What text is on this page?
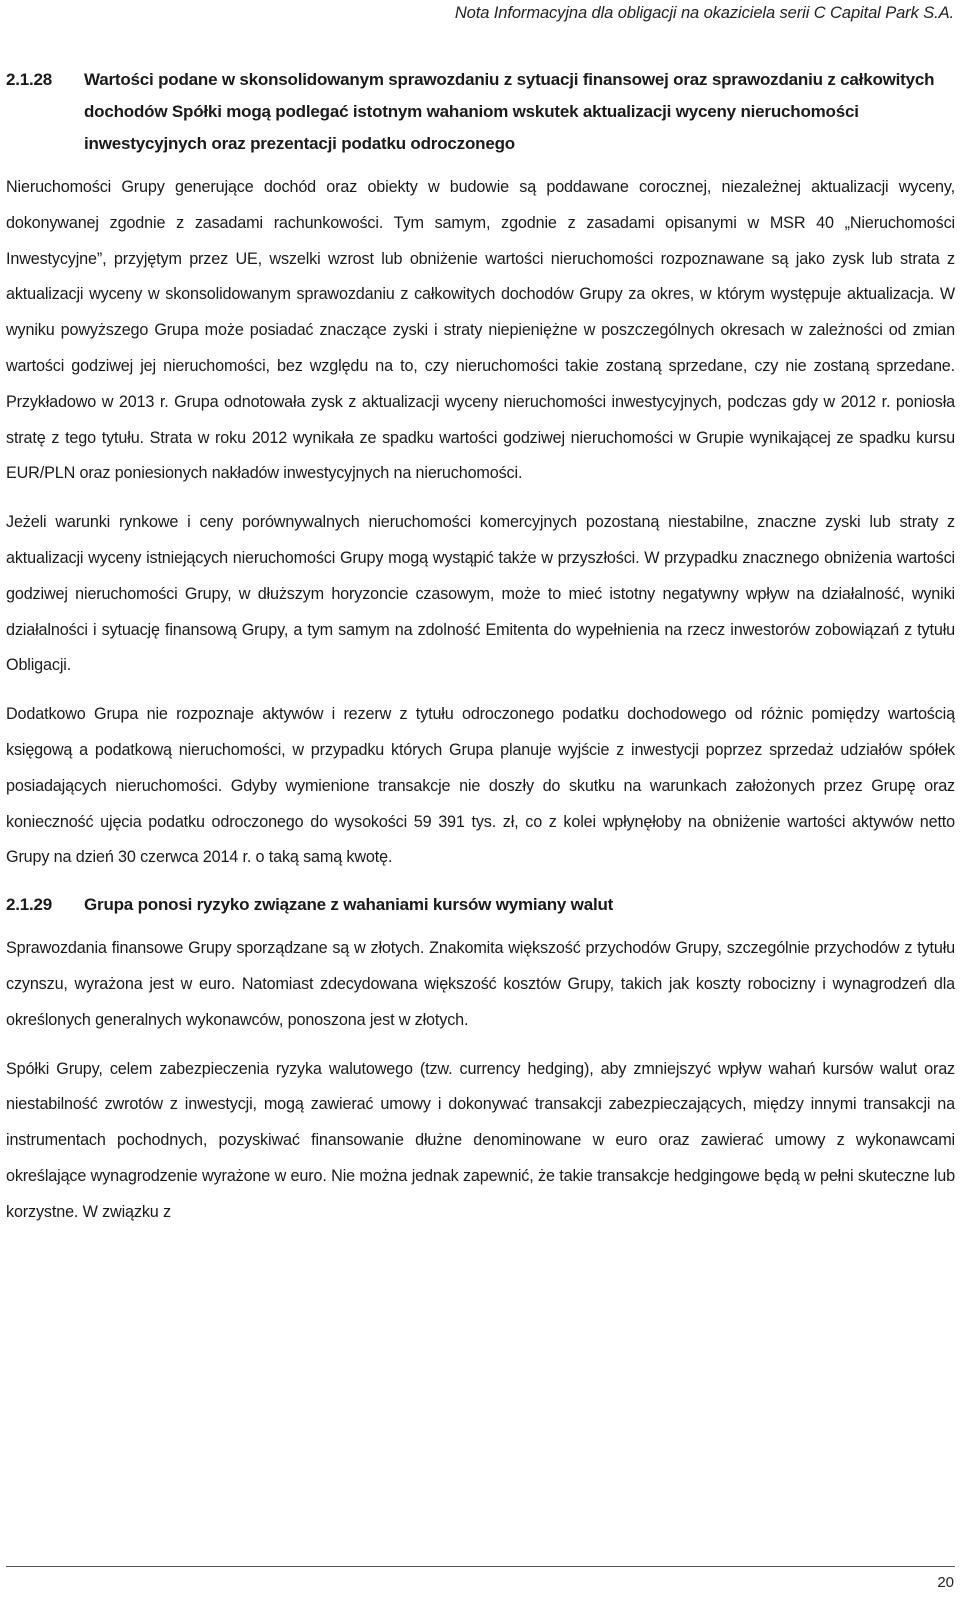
Nota Informacyjna dla obligacji na okaziciela serii C Capital Park S.A.
2.1.28	Wartości podane w skonsolidowanym sprawozdaniu z sytuacji finansowej oraz sprawozdaniu z całkowitych dochodów Spółki mogą podlegać istotnym wahaniom wskutek aktualizacji wyceny nieruchomości inwestycyjnych oraz prezentacji podatku odroczonego

Nieruchomości Grupy generujące dochód oraz obiekty w budowie są poddawane corocznej, niezależnej aktualizacji wyceny, dokonywanej zgodnie z zasadami rachunkowości. Tym samym, zgodnie z zasadami opisanymi w MSR 40 „Nieruchomości Inwestycyjne”, przyjętym przez UE, wszelki wzrost lub obniżenie wartości nieruchomości rozpoznawane są jako zysk lub strata z aktualizacji wyceny w skonsolidowanym sprawozdaniu z całkowitych dochodów Grupy za okres, w którym występuje aktualizacja. W wyniku powyższego Grupa może posiadać znaczące zyski i straty niepieniężne w poszczególnych okresach w zależności od zmian wartości godziwej jej nieruchomości, bez względu na to, czy nieruchomości takie zostaną sprzedane, czy nie zostaną sprzedane. Przykładowo w 2013 r. Grupa odnotowała zysk z aktualizacji wyceny nieruchomości inwestycyjnych, podczas gdy w 2012 r. poniosła stratę z tego tytułu. Strata w roku 2012 wynikała ze spadku wartości godziwej nieruchomości w Grupie wynikającej ze spadku kursu EUR/PLN oraz poniesionych nakładów inwestycyjnych na nieruchomości.

Jeżeli warunki rynkowe i ceny porównywalnych nieruchomości komercyjnych pozostaną niestabilne, znaczne zyski lub straty z aktualizacji wyceny istniejących nieruchomości Grupy mogą wystąpić także w przyszłości. W przypadku znacznego obniżenia wartości godziwej nieruchomości Grupy, w dłuższym horyzoncie czasowym, może to mieć istotny negatywny wpływ na działalność, wyniki działalności i sytuację finansową Grupy, a tym samym na zdolność Emitenta do wypełnienia na rzecz inwestorów zobowiązań z tytułu Obligacji.

Dodatkowo Grupa nie rozpoznaje aktywów i rezerw z tytułu odroczonego podatku dochodowego od różnic pomiędzy wartością księgową a podatkową nieruchomości, w przypadku których Grupa planuje wyjście z inwestycji poprzez sprzedaż udziałów spółek posiadających nieruchomości. Gdyby wymienione transakcje nie doszły do skutku na warunkach założonych przez Grupę oraz konieczność ujęcia podatku odroczonego do wysokości 59 391 tys. zł, co z kolei wpłynęłoby na obniżenie wartości aktywów netto Grupy na dzień 30 czerwca 2014 r. o taką samą kwotę.

2.1.29	Grupa ponosi ryzyko związane z wahaniami kursów wymiany walut

Sprawozdania finansowe Grupy sporządzane są w złotych. Znakomita większość przychodów Grupy, szczególnie przychodów z tytułu czynszu, wyrażona jest w euro. Natomiast zdecydowana większość kosztów Grupy, takich jak koszty robocizny i wynagrodzeń dla określonych generalnych wykonawców, ponoszona jest w złotych.

Spółki Grupy, celem zabezpieczenia ryzyka walutowego (tzw. currency hedging), aby zmniejszyć wpływ wahań kursów walut oraz niestabilność zwrotów z inwestycji, mogą zawierać umowy i dokonywać transakcji zabezpieczających, między innymi transakcji na instrumentach pochodnych, pozyskiwać finansowanie dłużne denominowane w euro oraz zawierać umowy z wykonawcami określające wynagrodzenie wyrażone w euro. Nie można jednak zapewnić, że takie transakcje hedgingowe będą w pełni skuteczne lub korzystne. W związku z

20
